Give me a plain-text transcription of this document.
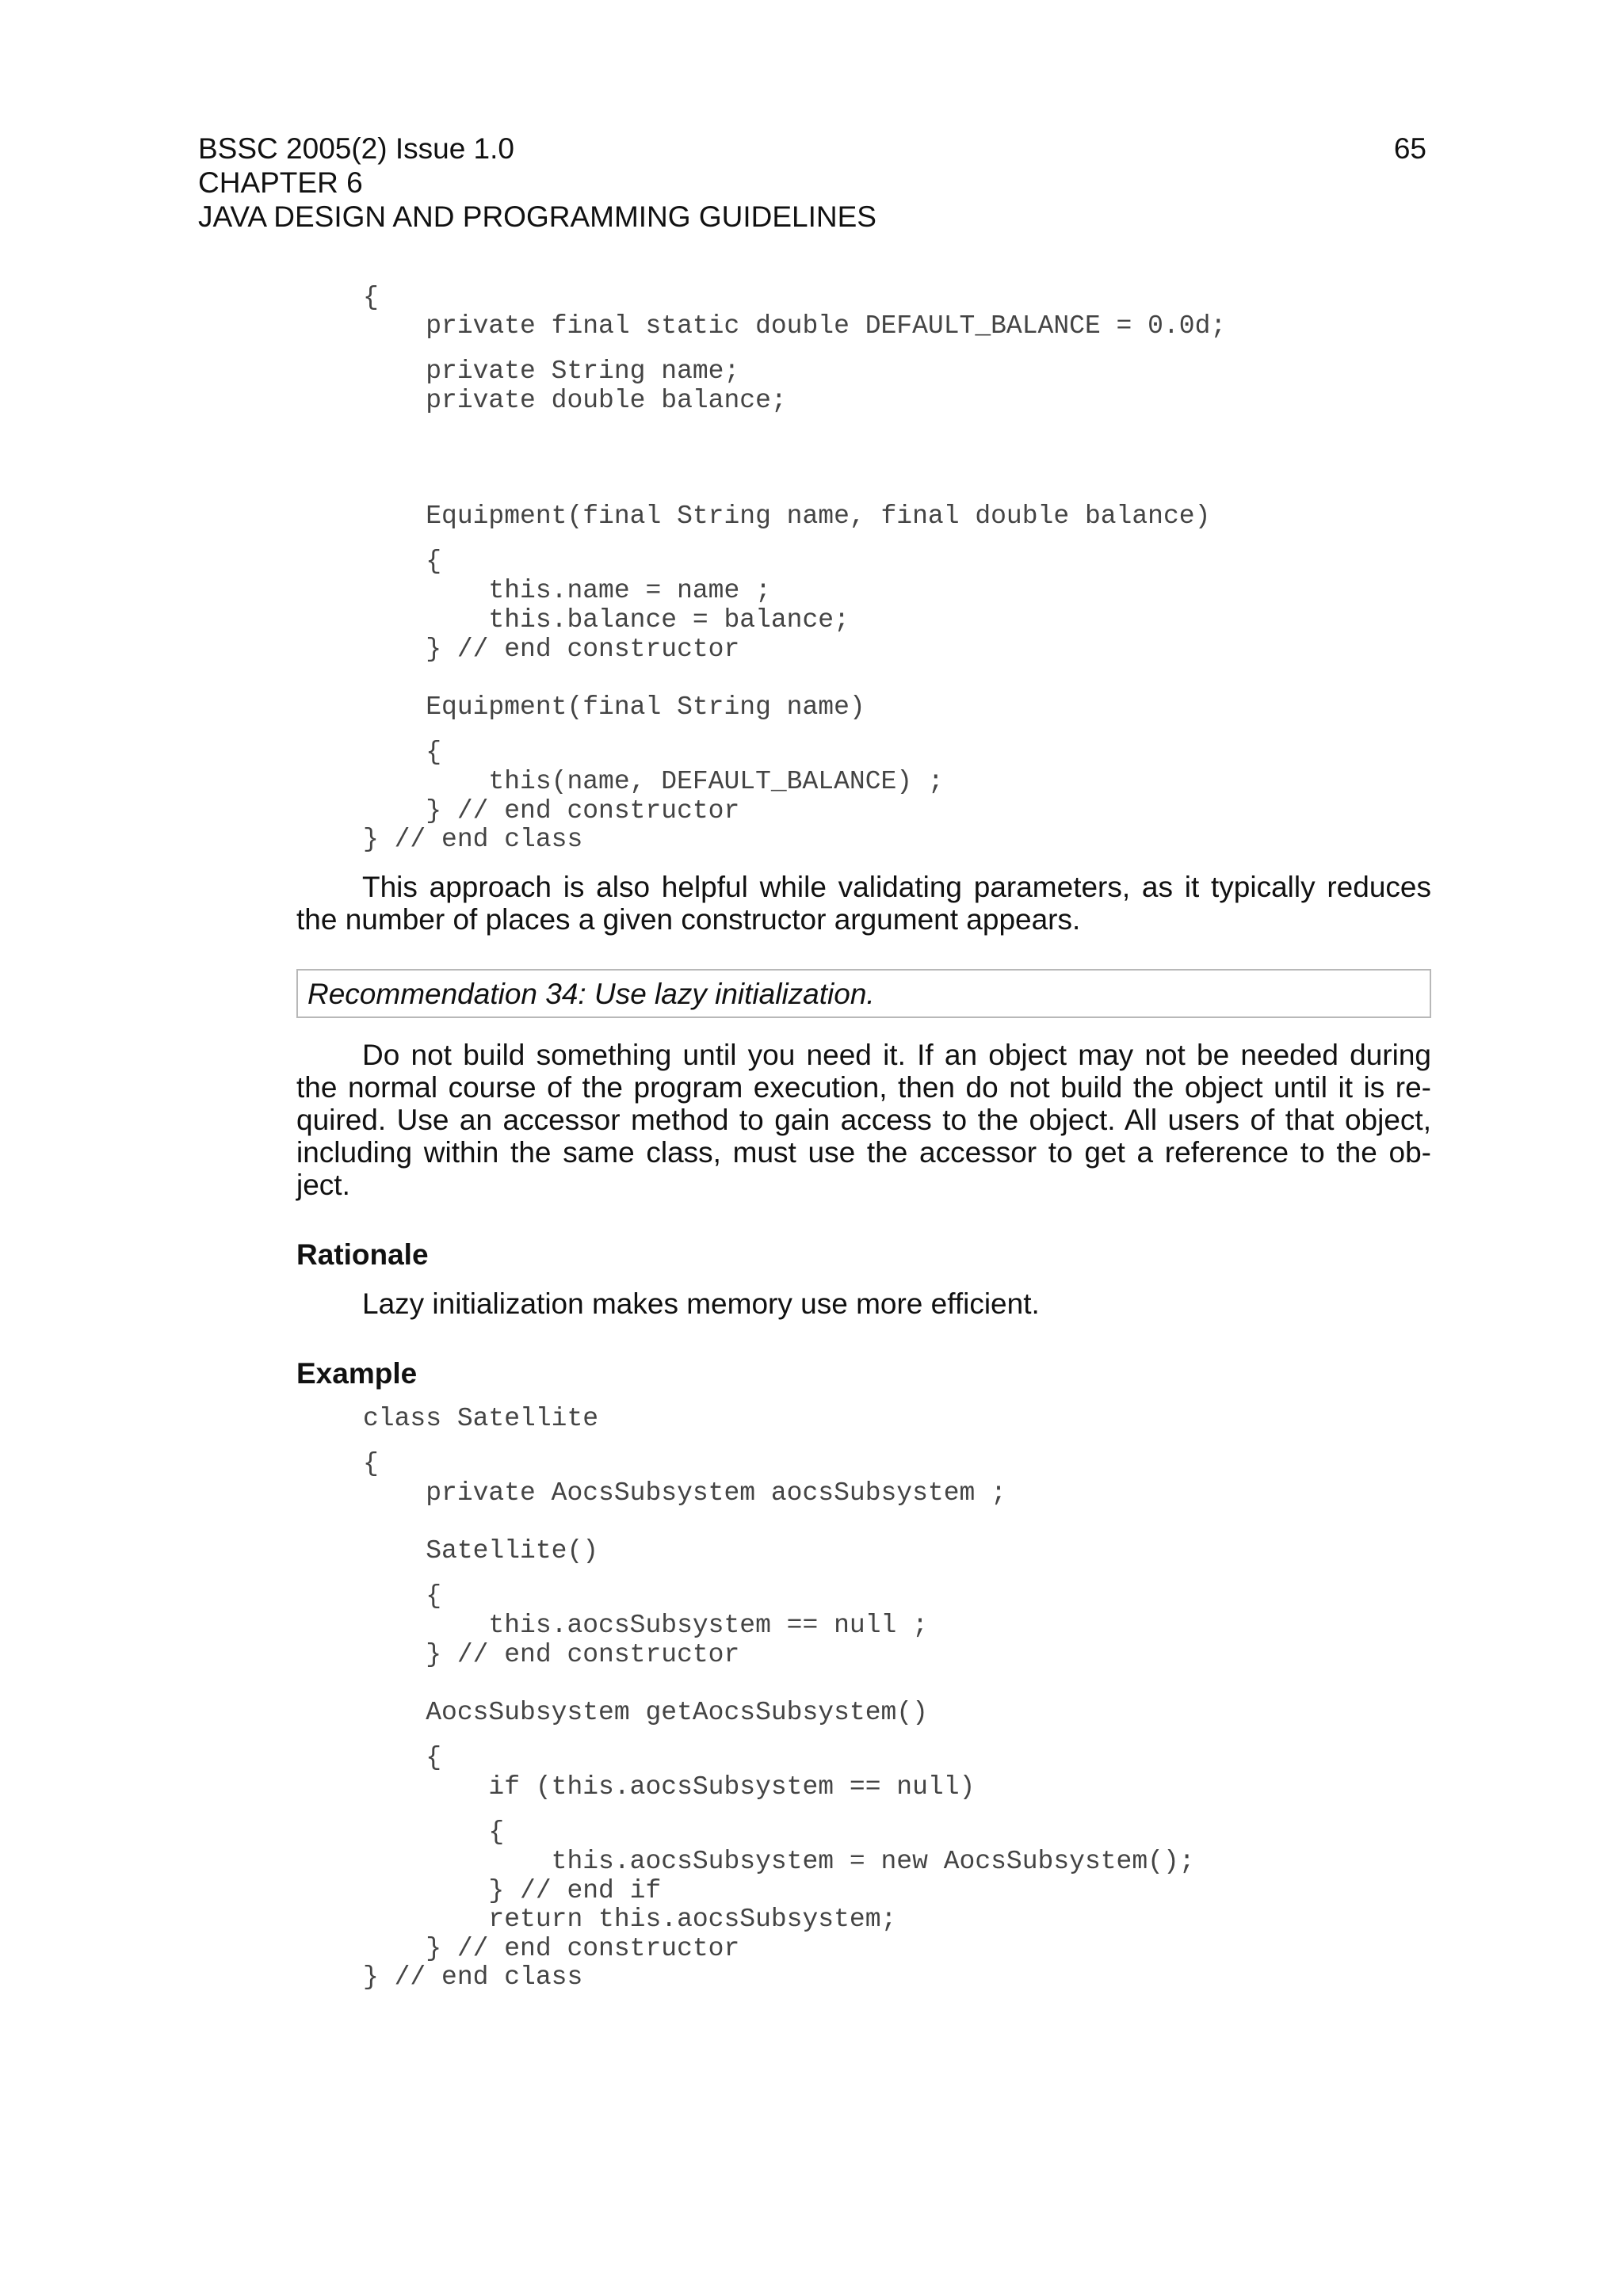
BSSC 2005(2) Issue 1.0
CHAPTER 6
JAVA DESIGN AND PROGRAMMING GUIDELINES
65
{
private final static double DEFAULT_BALANCE = 0.0d;
private String name;
private double balance;
Equipment(final String name, final double balance)
{
this.name = name ;
this.balance = balance;
} // end constructor
Equipment(final String name)
{
this(name, DEFAULT_BALANCE) ;
} // end constructor
} // end class
This approach is also helpful while validating parameters, as it typically reduces the number of places a given constructor argument appears.
Recommendation 34: Use lazy initialization.
Do not build something until you need it. If an object may not be needed during the normal course of the program execution, then do not build the object until it is re-quired. Use an accessor method to gain access to the object. All users of that object, including within the same class, must use the accessor to get a reference to the ob-ject.
Rationale
Lazy initialization makes memory use more efficient.
Example
class Satellite
{
private AocsSubsystem aocsSubsystem ;
Satellite()
{
this.aocsSubsystem == null ;
} // end constructor
AocsSubsystem getAocsSubsystem()
{
if (this.aocsSubsystem == null)
{
this.aocsSubsystem = new AocsSubsystem();
} // end if
return this.aocsSubsystem;
} // end constructor
} // end class
